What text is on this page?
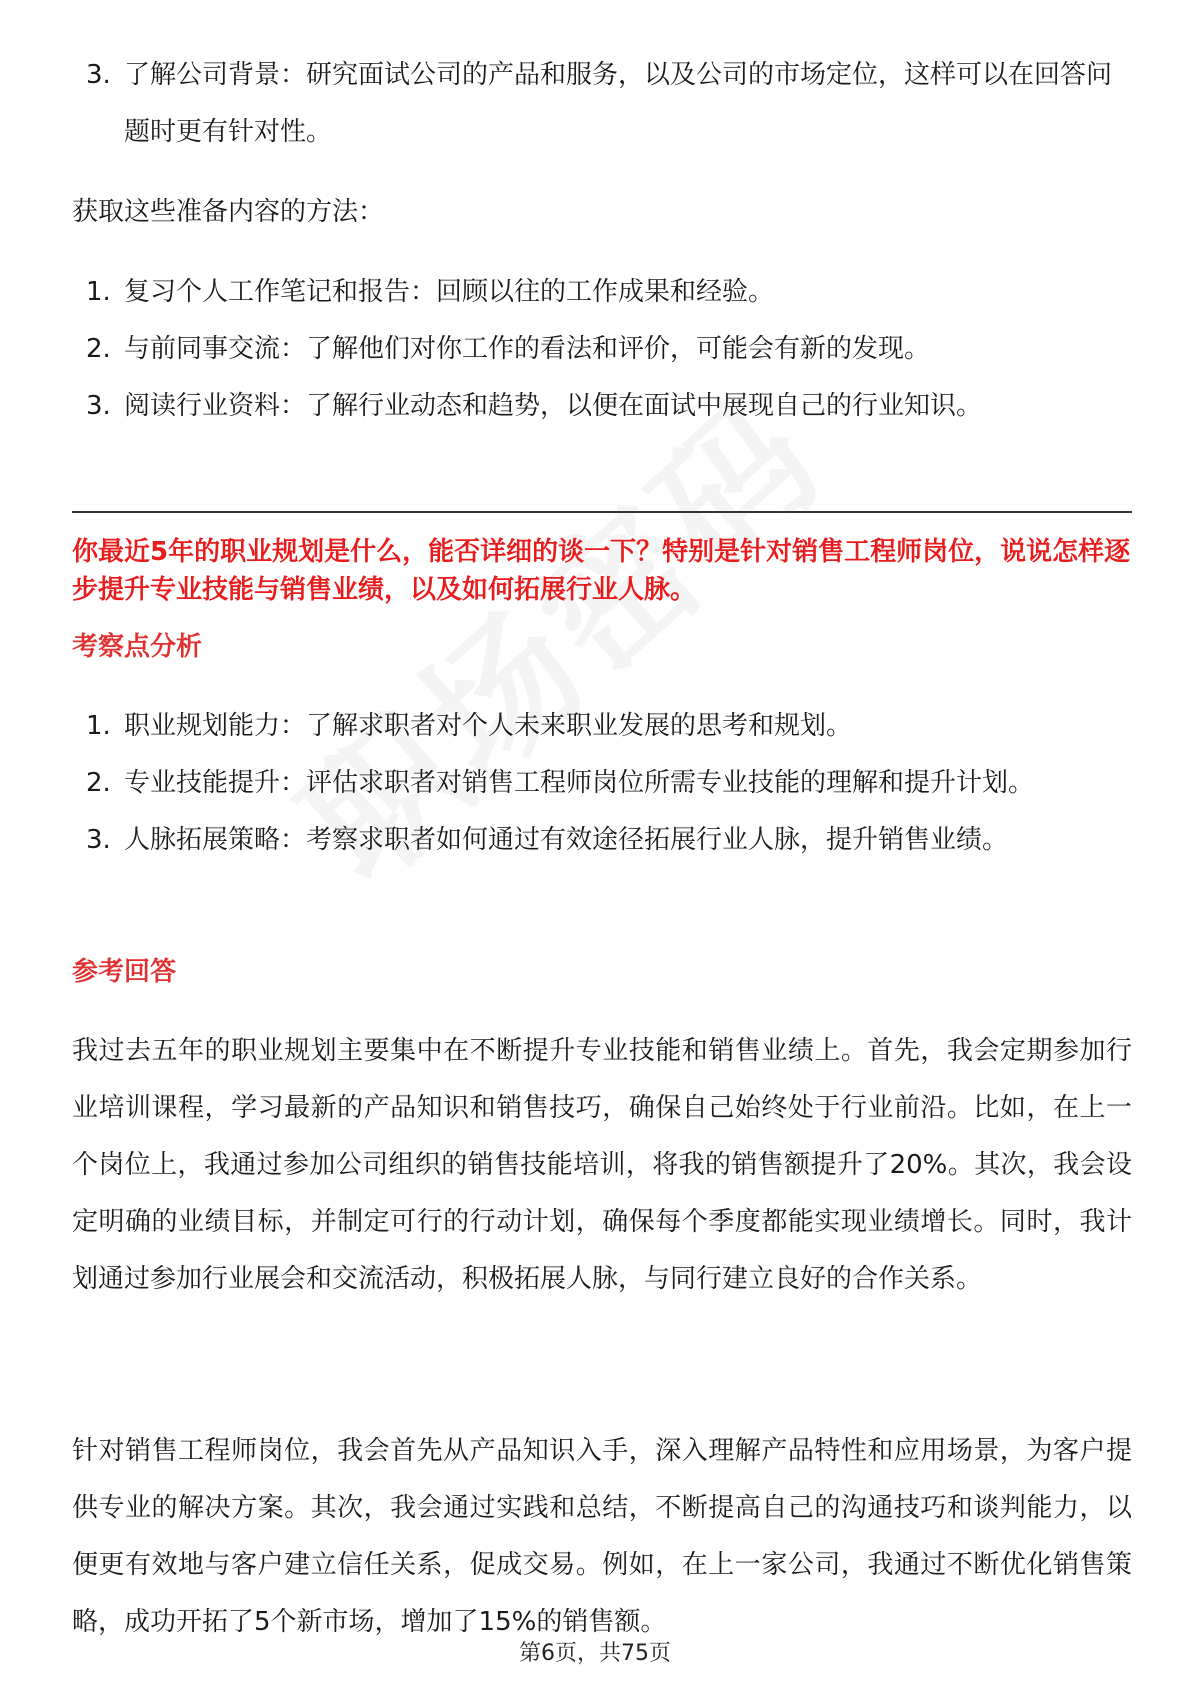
3. 了解公司背景：研究面试公司的产品和服务，以及公司的市场定位，这样可以在回答问题时更有针对性。

获取这些准备内容的方法：

1. 复习个人工作笔记和报告：回顾以往的工作成果和经验。
2. 与前同事交流：了解他们对你工作的看法和评价，可能会有新的发现。
3. 阅读行业资料：了解行业动态和趋势，以便在面试中展现自己的行业知识。

你最近5年的职业规划是什么，能否详细的谈一下？特别是针对销售工程师岗位，说说怎样逐步提升专业技能与销售业绩，以及如何拓展行业人脉。

考察点分析
1. 职业规划能力：了解求职者对个人未来职业发展的思考和规划。
2. 专业技能提升：评估求职者对销售工程师岗位所需专业技能的理解和提升计划。
3. 人脉拓展策略：考察求职者如何通过有效途径拓展行业人脉，提升销售业绩。
参考回答

我过去五年的职业规划主要集中在不断提升专业技能和销售业绩上。首先，我会定期参加行业培训课程，学习最新的产品知识和销售技巧，确保自己始终处于行业前沿。比如，在上一个岗位上，我通过参加公司组织的销售技能培训，将我的销售额提升了20%。其次，我会设定明确的业绩目标，并制定可行的行动计划，确保每个季度都能实现业绩增长。同时，我计划通过参加行业展会和交流活动，积极拓展人脉，与同行建立良好的合作关系。

针对销售工程师岗位，我会首先从产品知识入手，深入理解产品特性和应用场景，为客户提供专业的解决方案。其次，我会通过实践和总结，不断提高自己的沟通技巧和谈判能力，以便更有效地与客户建立信任关系，促成交易。例如，在上一家公司，我通过不断优化销售策略，成功开拓了5个新市场，增加了15%的销售额。

第6页，共75页
